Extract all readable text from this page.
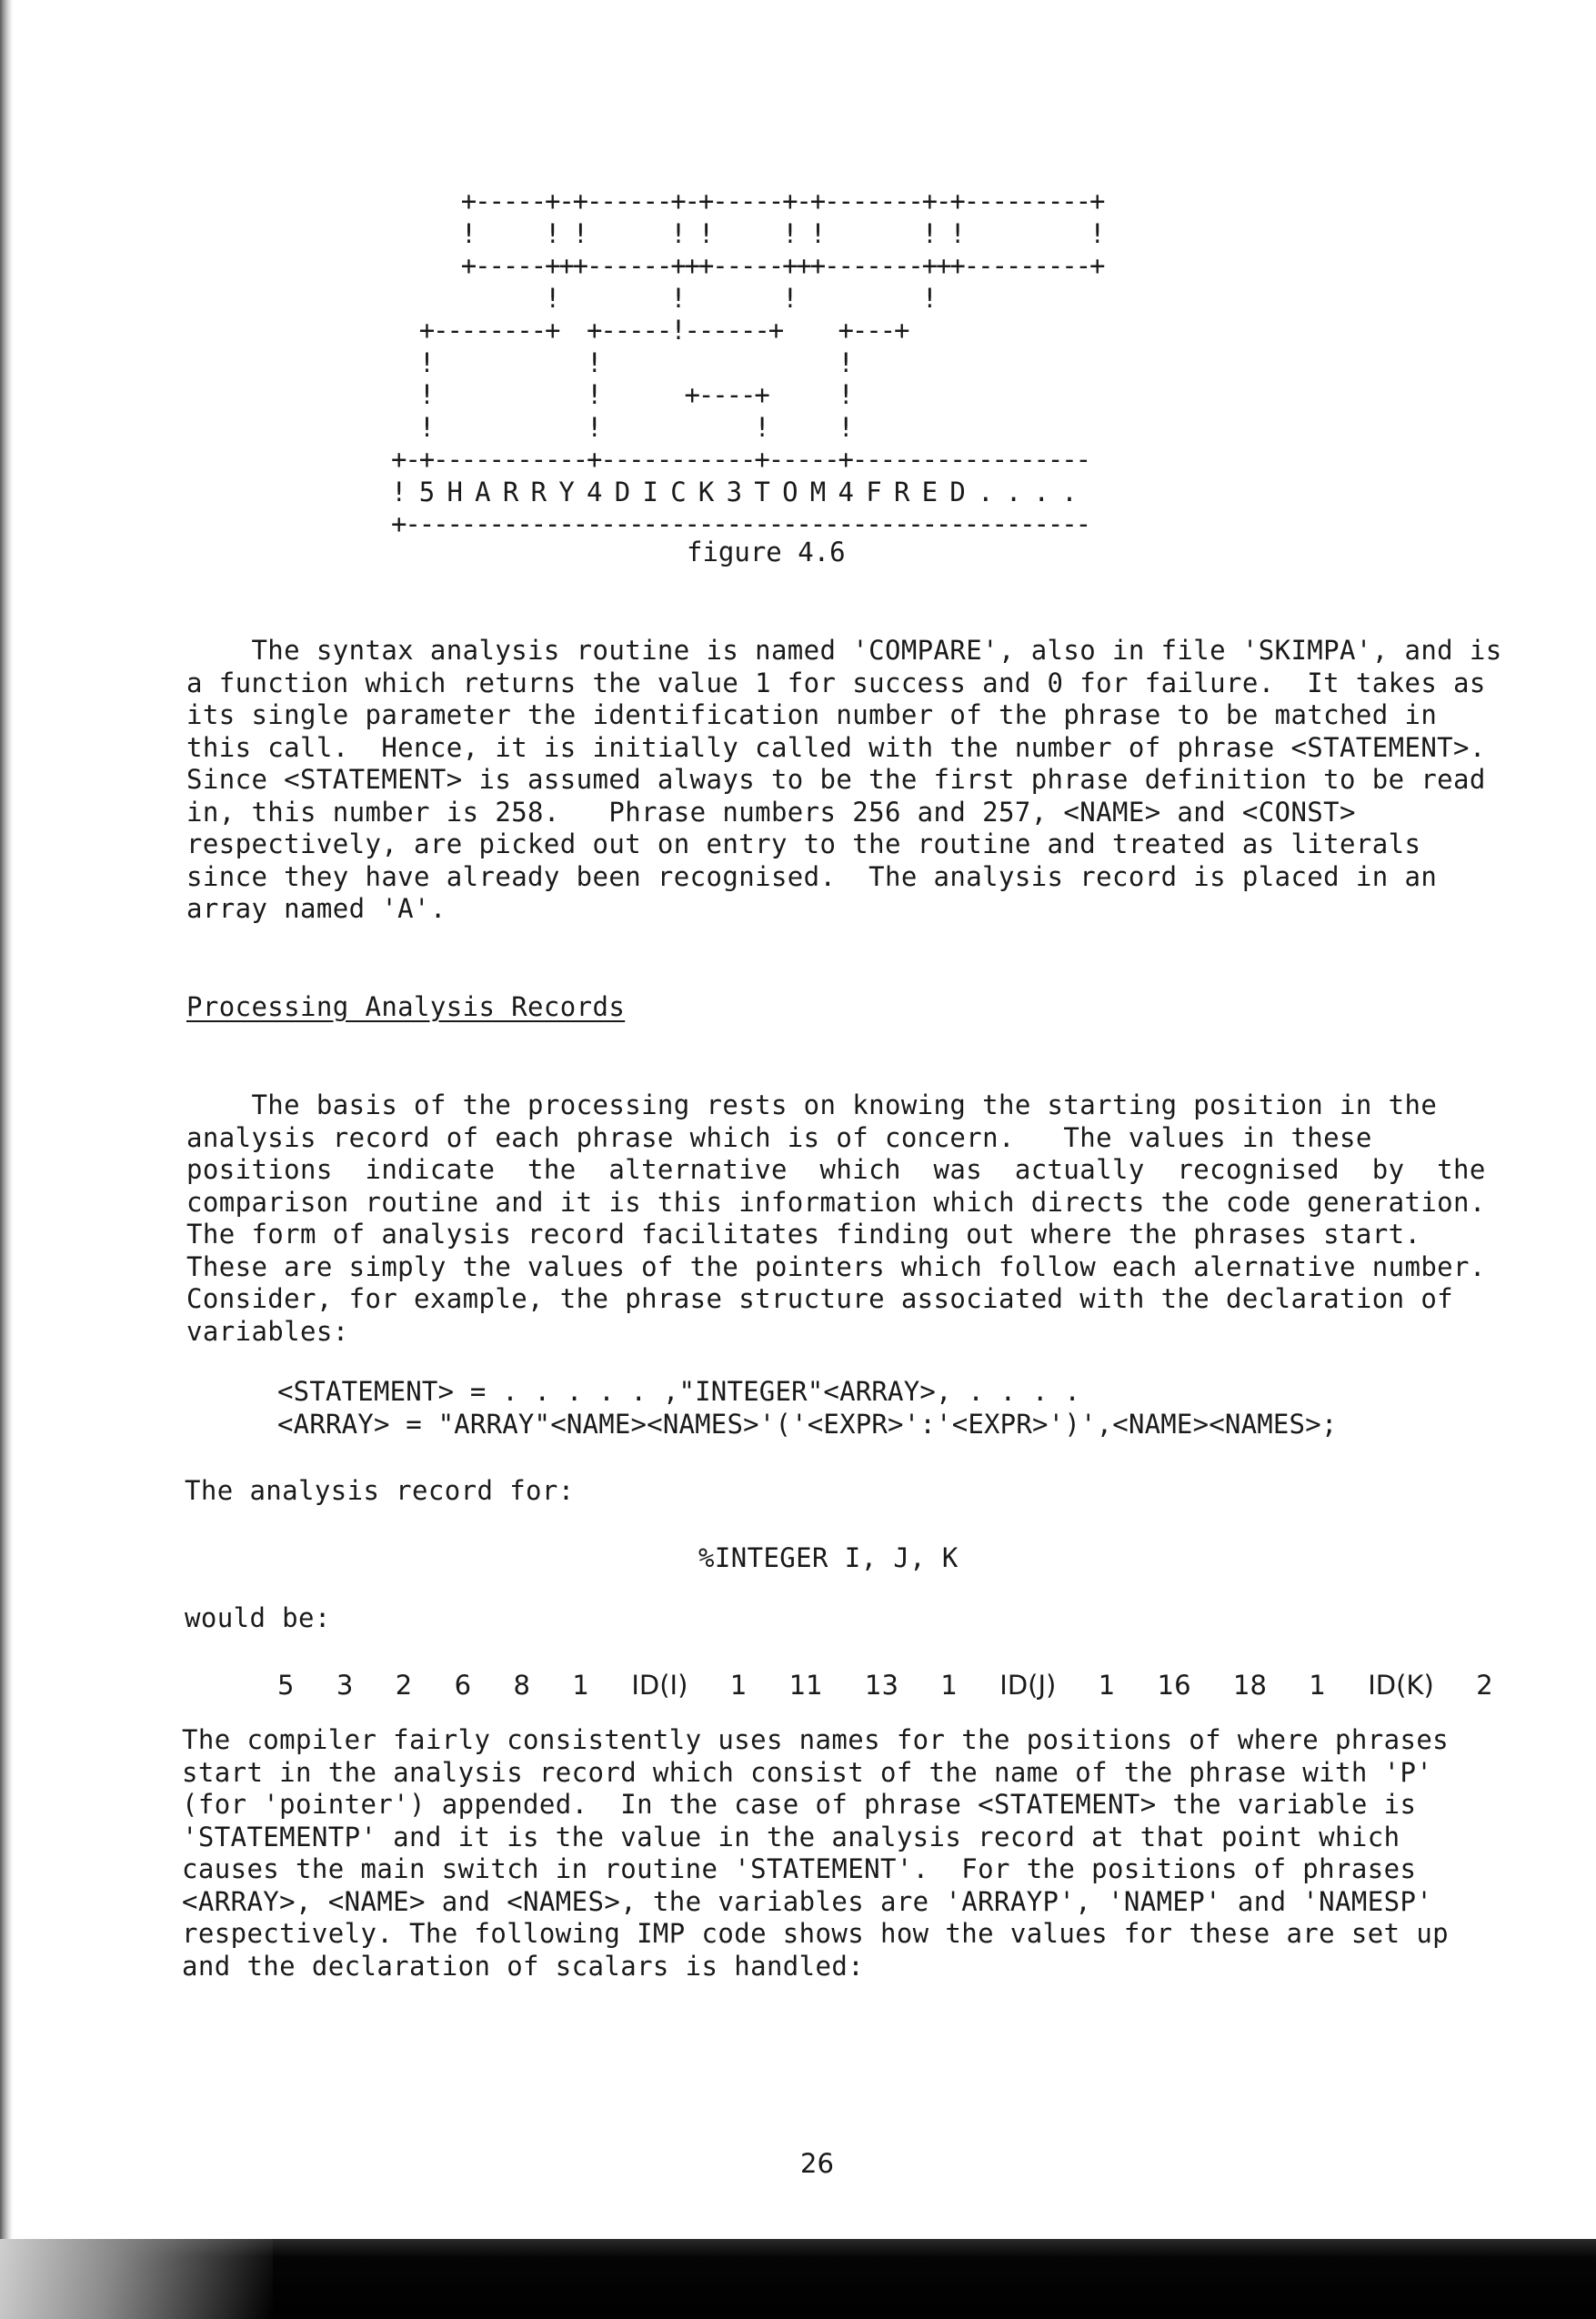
+-----+-+------+-+-----+-+-------+-+---------+
!     ! !      ! !     ! !       ! !         !
+-----+++------+++-----+++-------+++---------+
!        !       !         !
+--------+  +-----!------+    +---+
!           !                 !
!           !      +----+     !
!           !           !     !
+-+-----------+-----------+-----+-----------------
! 5 H A R R Y 4 D I C K 3 T O M 4 F R E D . . . .
+-------------------------------------------------
figure 4.6
The syntax analysis routine is named 'COMPARE', also in file 'SKIMPA', and is
a function which returns the value 1 for success and 0 for failure.  It takes as
its single parameter the identification number of the phrase to be matched in
this call.  Hence, it is initially called with the number of phrase <STATEMENT>.
Since <STATEMENT> is assumed always to be the first phrase definition to be read
in, this number is 258.   Phrase numbers 256 and 257, <NAME> and <CONST>
respectively, are picked out on entry to the routine and treated as literals
since they have already been recognised.  The analysis record is placed in an
array named 'A'.
Processing Analysis Records
The basis of the processing rests on knowing the starting position in the
analysis record of each phrase which is of concern.   The values in these
positions  indicate  the  alternative  which  was  actually  recognised  by  the
comparison routine and it is this information which directs the code generation.
The form of analysis record facilitates finding out where the phrases start.
These are simply the values of the pointers which follow each alernative number.
Consider, for example, the phrase structure associated with the declaration of
variables:
<STATEMENT> = . . . . . ,"INTEGER"<ARRAY>, . . . .
<ARRAY> = "ARRAY"<NAME><NAMES>'('<EXPR>':'<EXPR>')',<NAME><NAMES>;
The analysis record for:
%INTEGER I, J, K
would be:
5  3  2  6  8  1  ID(I)  1  11  13  1  ID(J)  1  16  18  1  ID(K)  2
The compiler fairly consistently uses names for the positions of where phrases
start in the analysis record which consist of the name of the phrase with 'P'
(for 'pointer') appended.  In the case of phrase <STATEMENT> the variable is
'STATEMENTP' and it is the value in the analysis record at that point which
causes the main switch in routine 'STATEMENT'.  For the positions of phrases
<ARRAY>, <NAME> and <NAMES>, the variables are 'ARRAYP', 'NAMEP' and 'NAMESP'
respectively. The following IMP code shows how the values for these are set up
and the declaration of scalars is handled:
26
